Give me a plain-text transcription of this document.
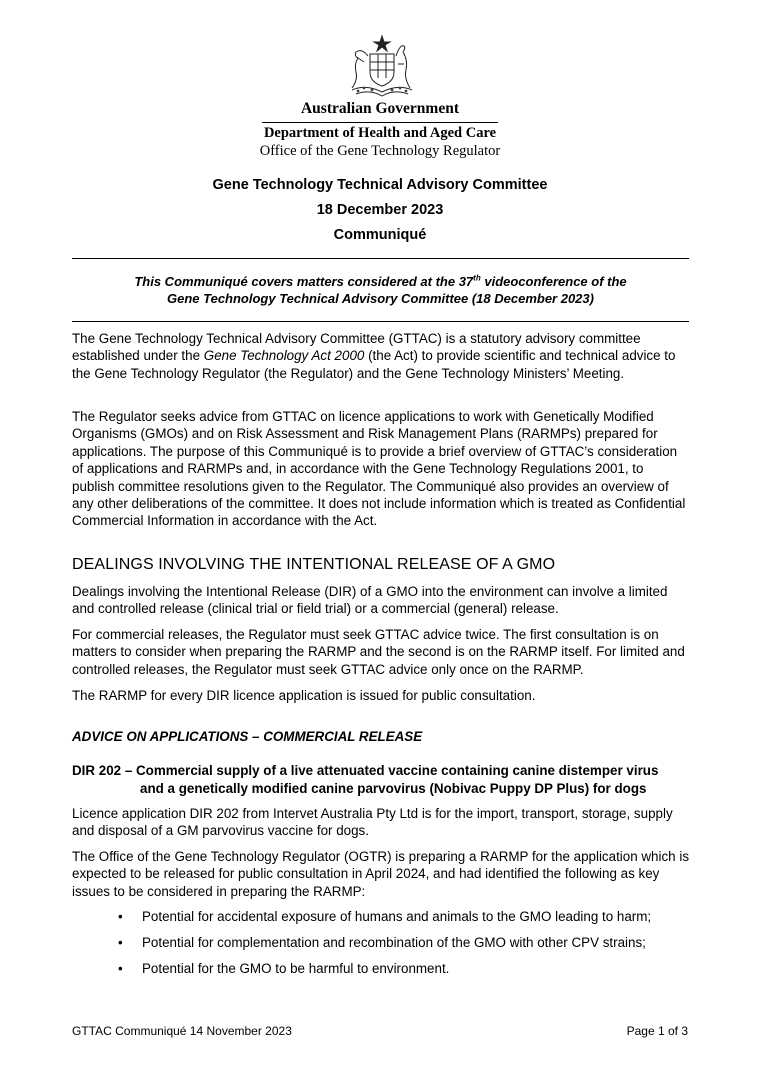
Australian Government
Department of Health and Aged Care
Office of the Gene Technology Regulator
Gene Technology Technical Advisory Committee
18 December 2023
Communiqué
This Communiqué covers matters considered at the 37th videoconference of the
Gene Technology Technical Advisory Committee (18 December 2023)

The Gene Technology Technical Advisory Committee (GTTAC) is a statutory advisory committee established under the Gene Technology Act 2000 (the Act) to provide scientific and technical advice to the Gene Technology Regulator (the Regulator) and the Gene Technology Ministers’ Meeting.

The Regulator seeks advice from GTTAC on licence applications to work with Genetically Modified Organisms (GMOs) and on Risk Assessment and Risk Management Plans (RARMPs) prepared for applications. The purpose of this Communiqué is to provide a brief overview of GTTAC’s consideration of applications and RARMPs and, in accordance with the Gene Technology Regulations 2001, to publish committee resolutions given to the Regulator. The Communiqué also provides an overview of any other deliberations of the committee. It does not include information which is treated as Confidential Commercial Information in accordance with the Act.

DEALINGS INVOLVING THE INTENTIONAL RELEASE OF A GMO

Dealings involving the Intentional Release (DIR) of a GMO into the environment can involve a limited and controlled release (clinical trial or field trial) or a commercial (general) release.

For commercial releases, the Regulator must seek GTTAC advice twice. The first consultation is on matters to consider when preparing the RARMP and the second is on the RARMP itself. For limited and controlled releases, the Regulator must seek GTTAC advice only once on the RARMP.

The RARMP for every DIR licence application is issued for public consultation.

ADVICE ON APPLICATIONS – COMMERCIAL RELEASE
DIR 202 – Commercial supply of a live attenuated vaccine containing canine distemper virus
and a genetically modified canine parvovirus (Nobivac Puppy DP Plus) for dogs

Licence application DIR 202 from Intervet Australia Pty Ltd is for the import, transport, storage, supply and disposal of a GM parvovirus vaccine for dogs.

The Office of the Gene Technology Regulator (OGTR) is preparing a RARMP for the application which is expected to be released for public consultation in April 2024, and had identified the following as key issues to be considered in preparing the RARMP:

• Potential for accidental exposure of humans and animals to the GMO leading to harm;
• Potential for complementation and recombination of the GMO with other CPV strains;
• Potential for the GMO to be harmful to environment.
GTTAC Communiqué 14 November 2023	Page 1 of 3
